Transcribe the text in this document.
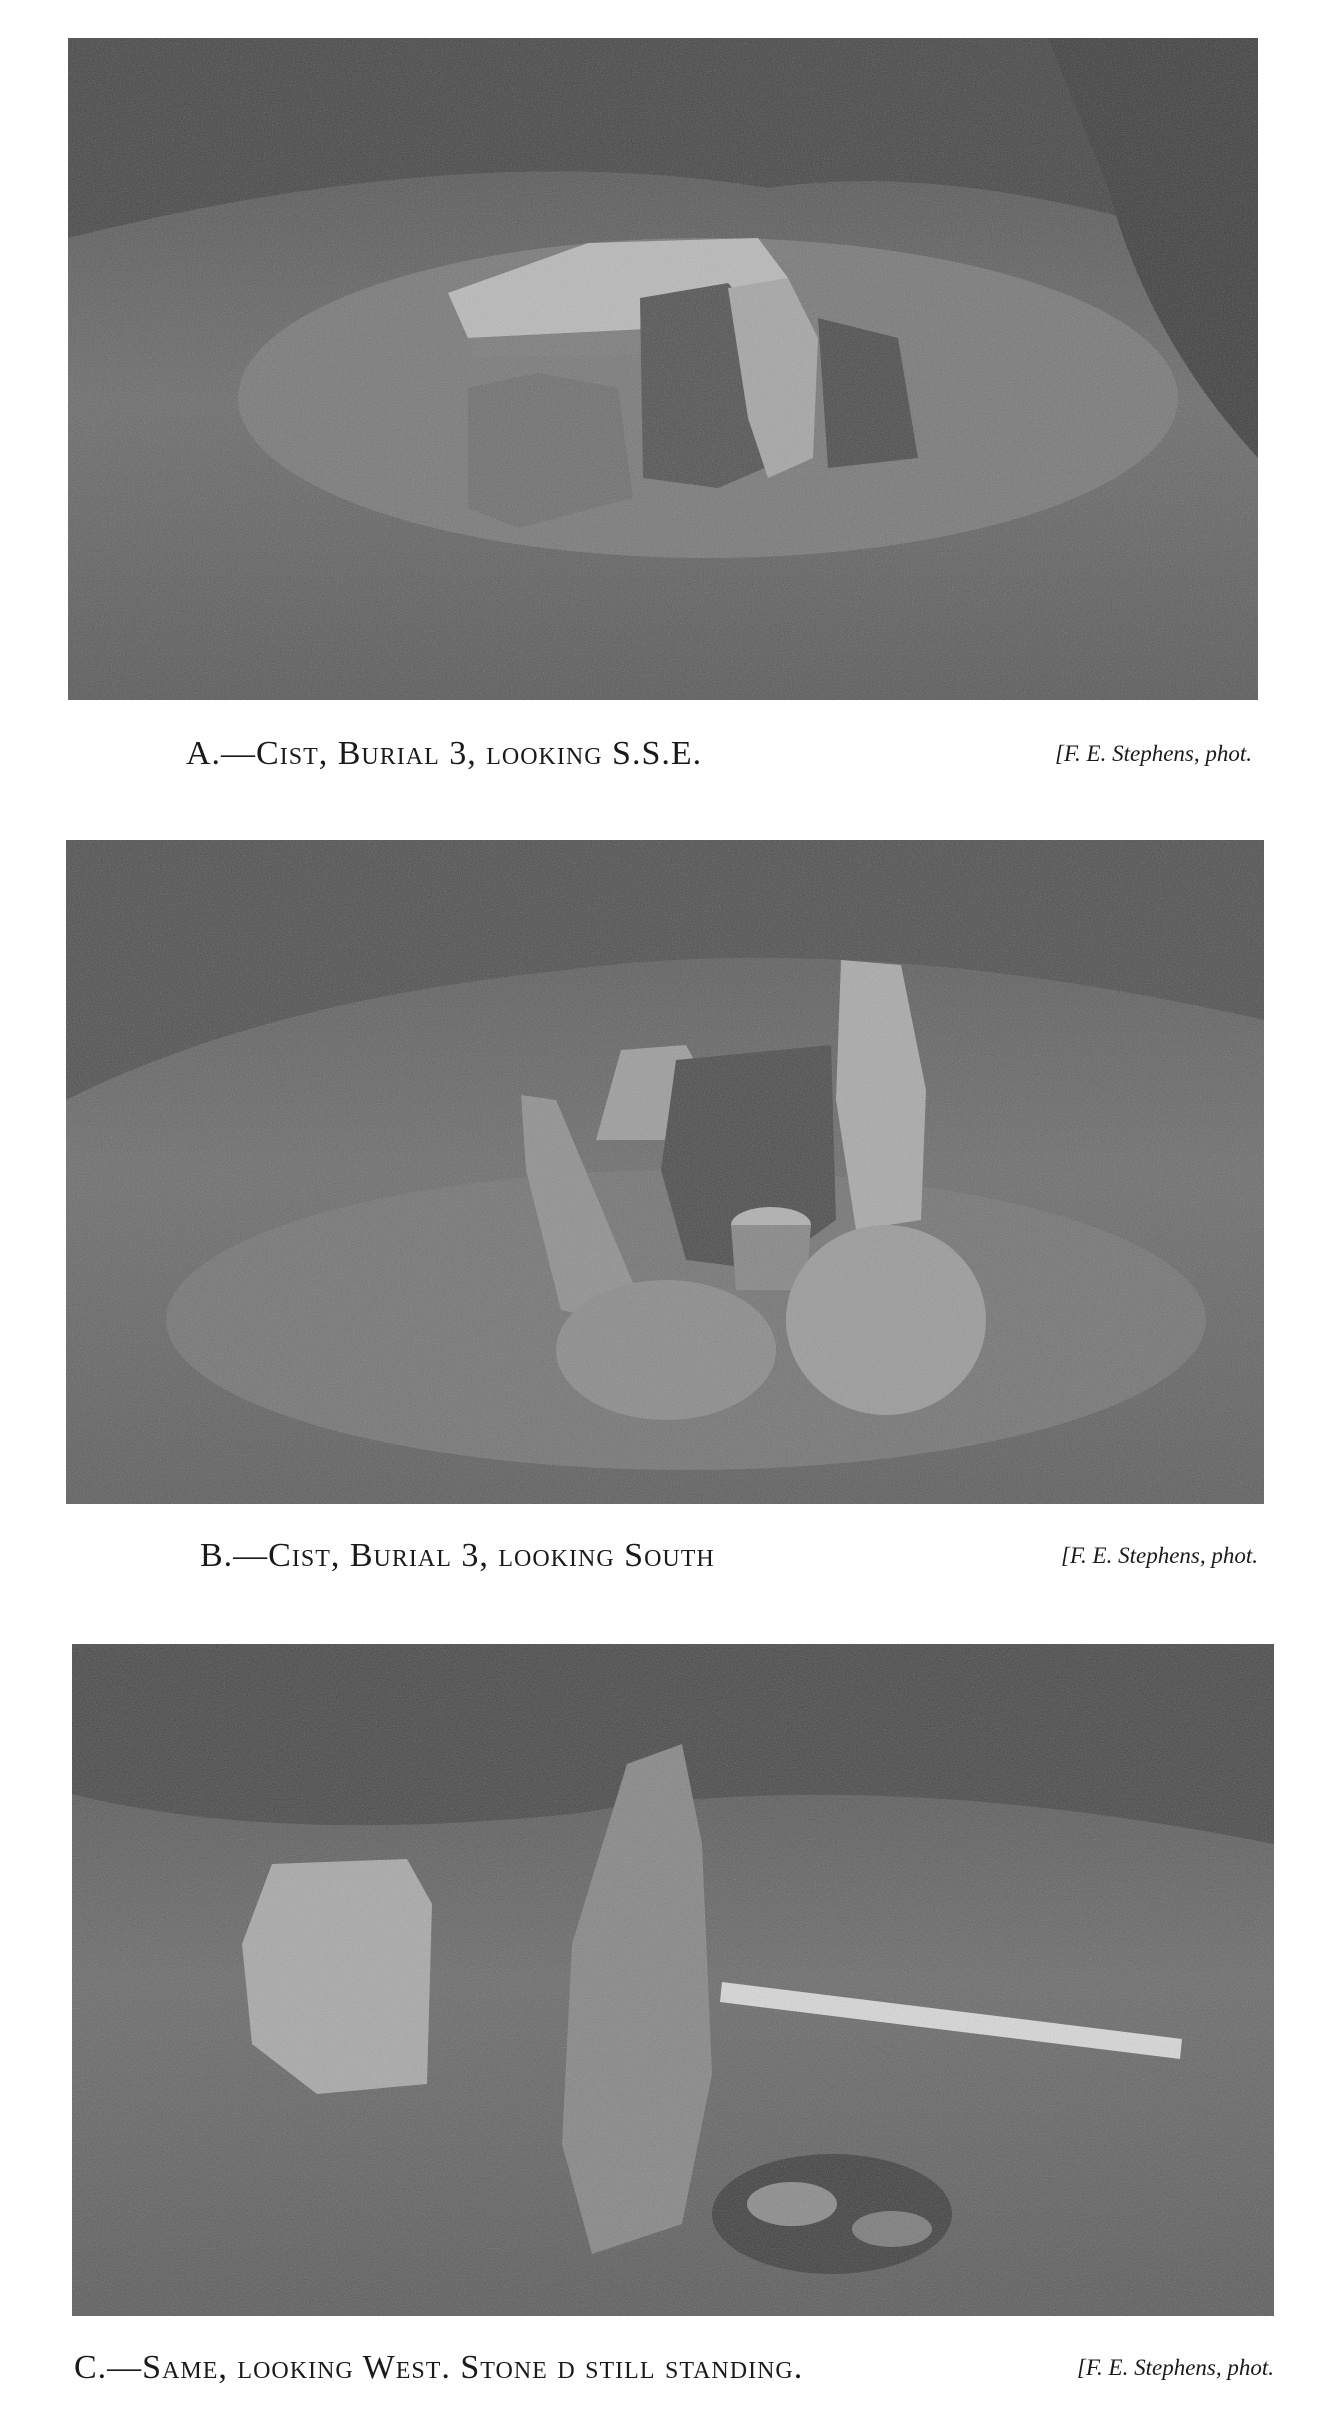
A.—Cist, Burial 3, looking S.S.E.	[F. E. Stephens, phot.
B.—Cist, Burial 3, looking South	[F. E. Stephens, phot.
C.—Same, looking West. Stone d still standing.	[F. E. Stephens, phot.
